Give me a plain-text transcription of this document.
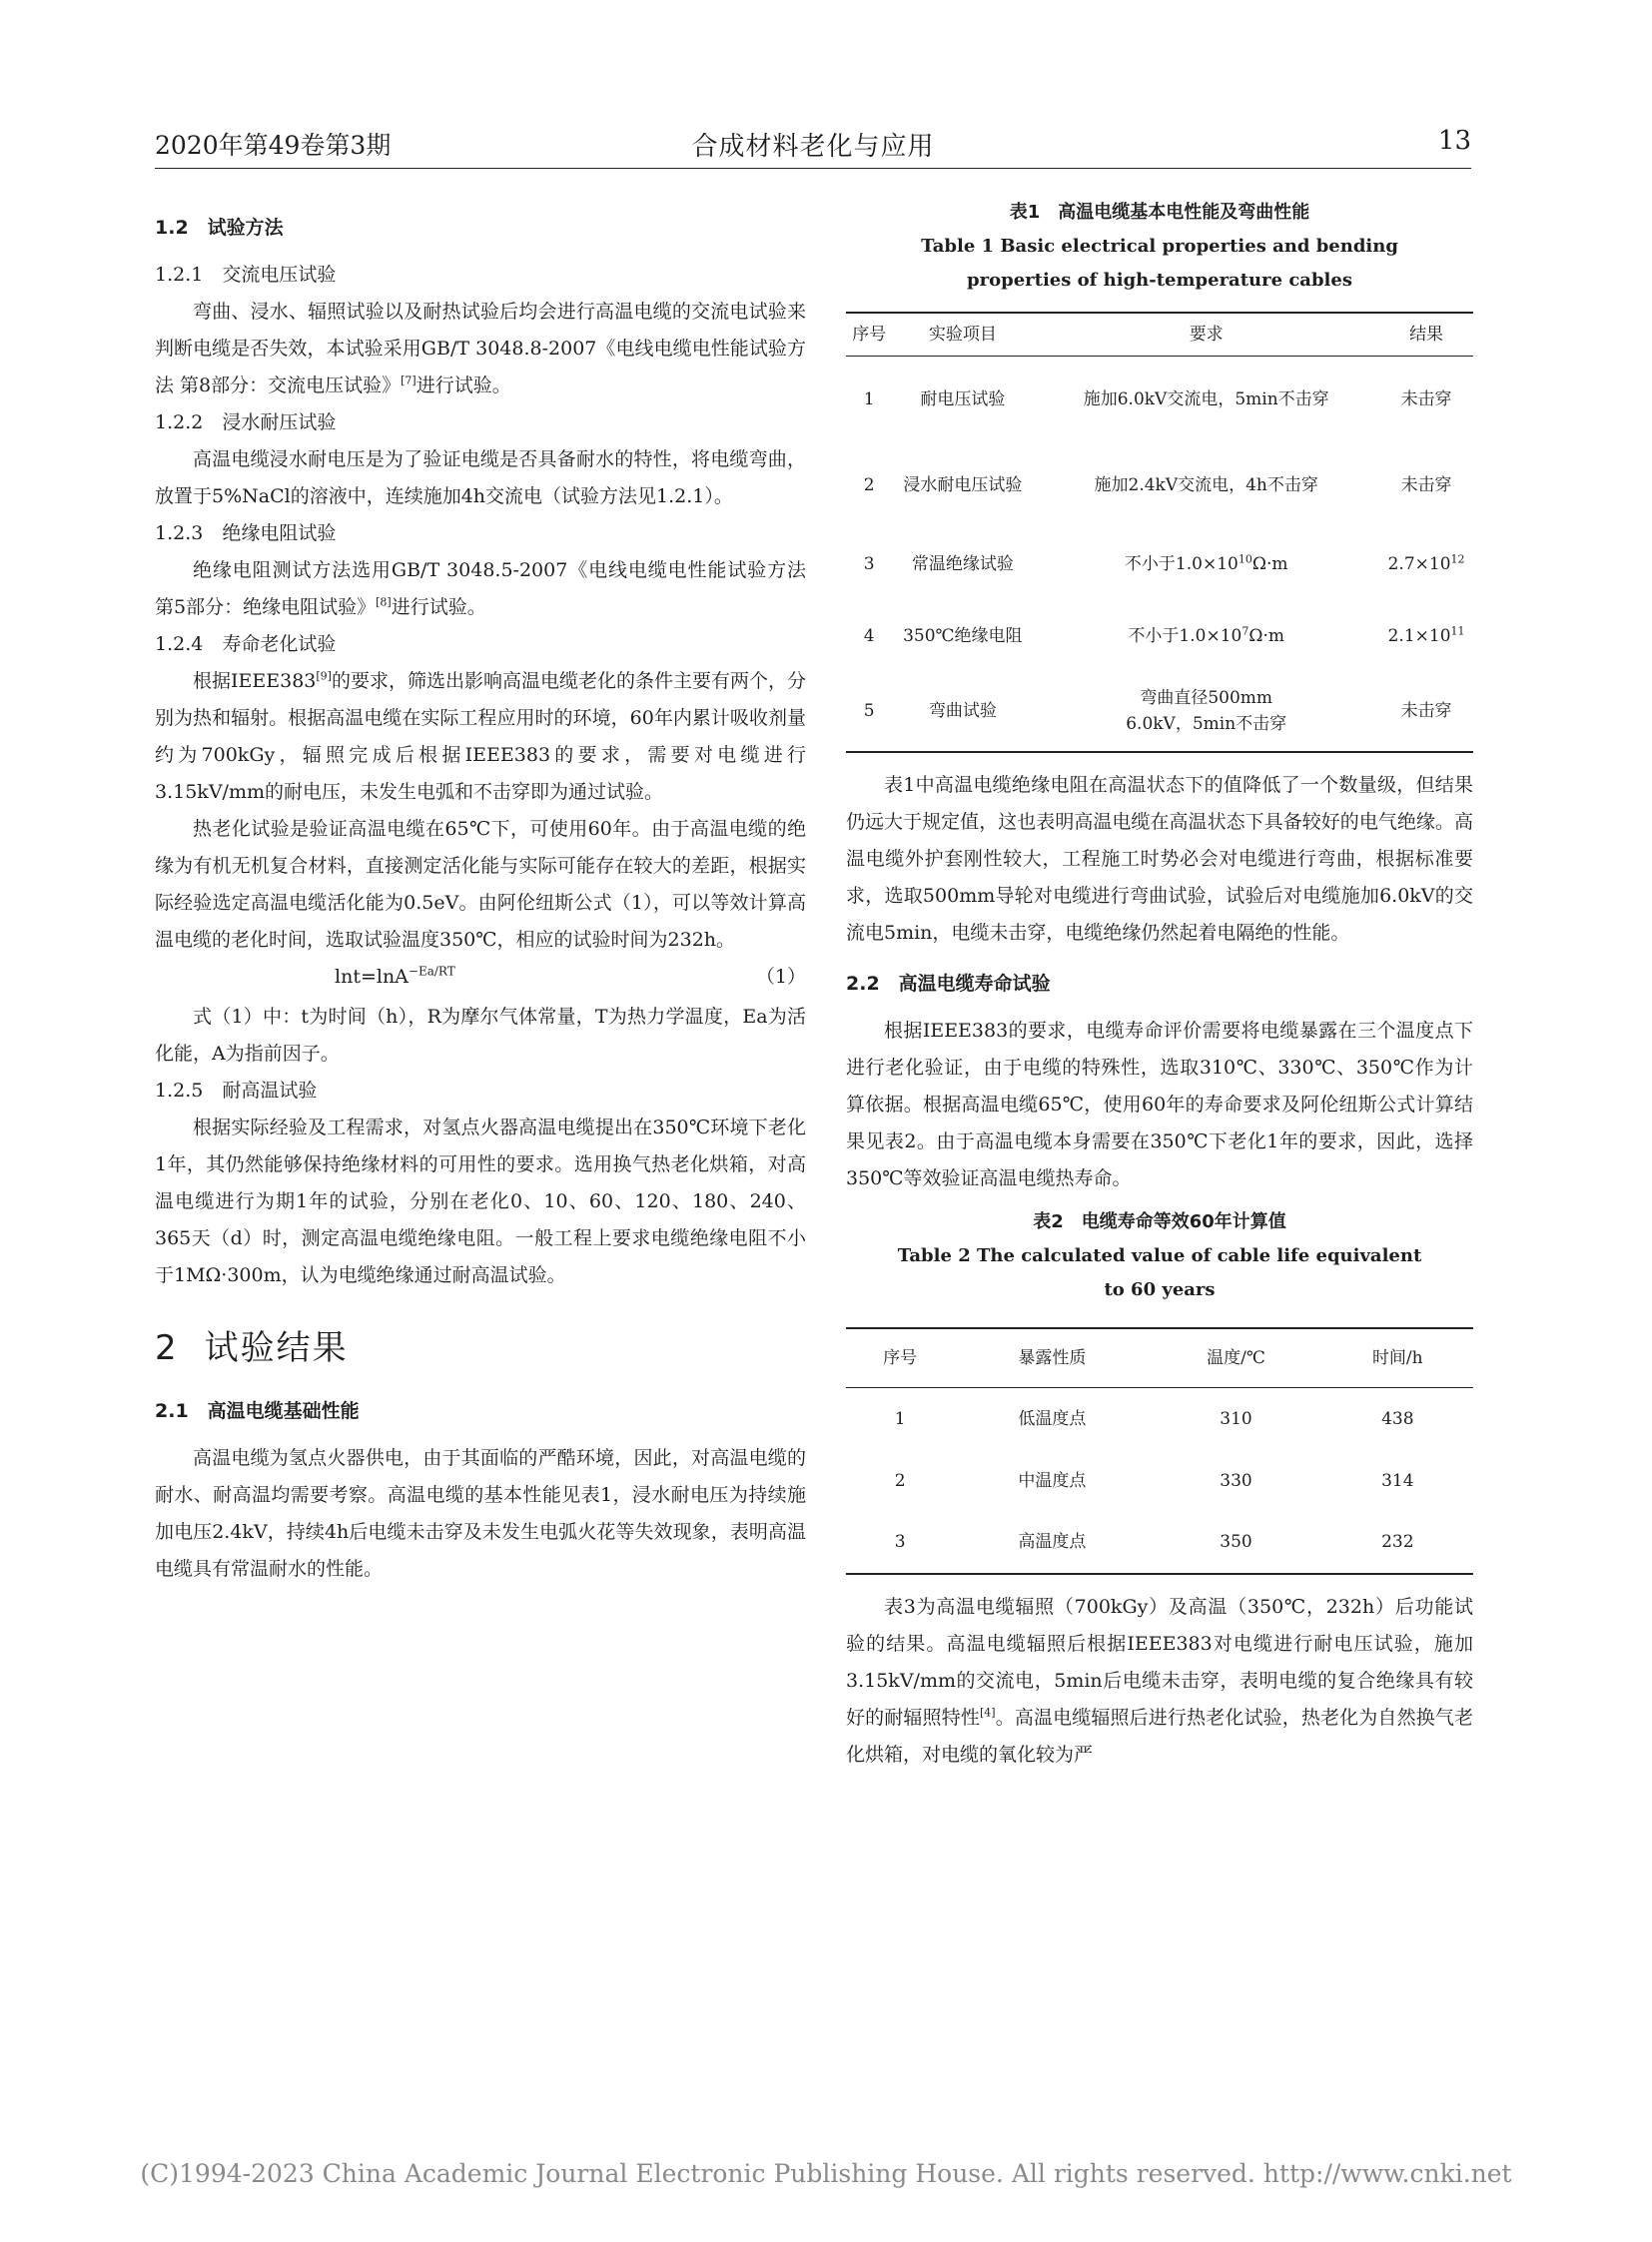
2020年第49卷第3期	合成材料老化与应用	13

1.2　试验方法

1.2.1　交流电压试验

弯曲、浸水、辐照试验以及耐热试验后均会进行高温电缆的交流电试验来判断电缆是否失效，本试验采用GB/T 3048.8-2007《电线电缆电性能试验方法 第8部分：交流电压试验》[7]进行试验。

1.2.2　浸水耐压试验

高温电缆浸水耐电压是为了验证电缆是否具备耐水的特性，将电缆弯曲，放置于5%NaCl的溶液中，连续施加4h交流电（试验方法见1.2.1）。

1.2.3　绝缘电阻试验

绝缘电阻测试方法选用GB/T 3048.5-2007《电线电缆电性能试验方法 第5部分：绝缘电阻试验》[8]进行试验。

1.2.4　寿命老化试验

根据IEEE383[9]的要求，筛选出影响高温电缆老化的条件主要有两个，分别为热和辐射。根据高温电缆在实际工程应用时的环境，60年内累计吸收剂量约为700kGy，辐照完成后根据IEEE383的要求，需要对电缆进行3.15kV/mm的耐电压，未发生电弧和不击穿即为通过试验。

热老化试验是验证高温电缆在65℃下，可使用60年。由于高温电缆的绝缘为有机无机复合材料，直接测定活化能与实际可能存在较大的差距，根据实际经验选定高温电缆活化能为0.5eV。由阿伦纽斯公式（1），可以等效计算高温电缆的老化时间，选取试验温度350℃，相应的试验时间为232h。

lnt=lnA$^{-Ea/RT}$	（1）

式（1）中：t为时间（h），R为摩尔气体常量，T为热力学温度，Ea为活化能，A为指前因子。

1.2.5　耐高温试验

根据实际经验及工程需求，对氢点火器高温电缆提出在350℃环境下老化1年，其仍然能够保持绝缘材料的可用性的要求。选用换气热老化烘箱，对高温电缆进行为期1年的试验，分别在老化0、10、60、120、180、240、365天（d）时，测定高温电缆绝缘电阻。一般工程上要求电缆绝缘电阻不小于1MΩ·300m，认为电缆绝缘通过耐高温试验。

2 试验结果

2.1　高温电缆基础性能

高温电缆为氢点火器供电，由于其面临的严酷环境，因此，对高温电缆的耐水、耐高温均需要考察。高温电缆的基本性能见表1，浸水耐电压为持续施加电压2.4kV，持续4h后电缆未击穿及未发生电弧火花等失效现象，表明高温电缆具有常温耐水的性能。

表1　高温电缆基本电性能及弯曲性能

Table 1 Basic electrical properties and bending

properties of high-temperature cables

序号	实验项目	要求	结果
1	耐电压试验	施加6.0kV交流电，5min不击穿	未击穿
2	浸水耐电压试验	施加2.4kV交流电，4h不击穿	未击穿
3	常温绝缘试验	不小于$1.0\times 10^{10}\Omega\cdot m$	$2.7\times 10^{12}$
4	350℃绝缘电阻	不小于$1.0\times 10^7\Omega\cdot m$	$2.1\times 10^{11}$
5	弯曲试验	弯曲直径500mm
6.0kV，5min不击穿	未击穿

表1中高温电缆绝缘电阻在高温状态下的值降低了一个数量级，但结果仍远大于规定值，这也表明高温电缆在高温状态下具备较好的电气绝缘。高温电缆外护套刚性较大，工程施工时势必会对电缆进行弯曲，根据标准要求，选取500mm导轮对电缆进行弯曲试验，试验后对电缆施加6.0kV的交流电5min，电缆未击穿，电缆绝缘仍然起着电隔绝的性能。

2.2　高温电缆寿命试验

根据IEEE383的要求，电缆寿命评价需要将电缆暴露在三个温度点下进行老化验证，由于电缆的特殊性，选取310℃、330℃、350℃作为计算依据。根据高温电缆65℃，使用60年的寿命要求及阿伦纽斯公式计算结果见表2。由于高温电缆本身需要在350℃下老化1年的要求，因此，选择350℃等效验证高温电缆热寿命。

表2　电缆寿命等效60年计算值

Table 2 The calculated value of cable life equivalent

to 60 years

序号	暴露性质	温度/℃	时间/h
1	低温度点	310	438
2	中温度点	330	314
3	高温度点	350	232

表3为高温电缆辐照（700kGy）及高温（350℃，232h）后功能试验的结果。高温电缆辐照后根据IEEE383对电缆进行耐电压试验，施加3.15kV/mm的交流电，5min后电缆未击穿，表明电缆的复合绝缘具有较好的耐辐照特性[4]。高温电缆辐照后进行热老化试验，热老化为自然换气老化烘箱，对电缆的氧化较为严

(C)1994-2023 China Academic Journal Electronic Publishing House. All rights reserved. http://www.cnki.net
